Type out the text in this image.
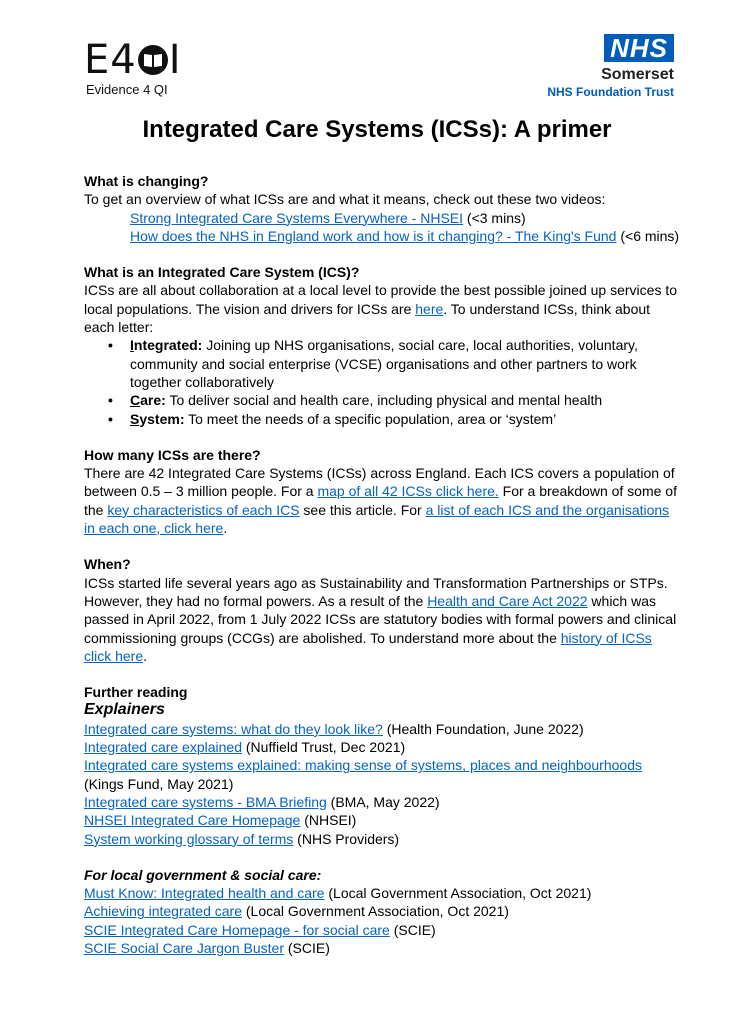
E4 I
Evidence 4 QI
NHS
Somerset
NHS Foundation Trust
Integrated Care Systems (ICSs): A primer
What is changing?

To get an overview of what ICSs are and what it means, check out these two videos:

Strong Integrated Care Systems Everywhere - NHSEI (<3 mins)
How does the NHS in England work and how is it changing? - The King's Fund (<6 mins)
What is an Integrated Care System (ICS)?

ICSs are all about collaboration at a local level to provide the best possible joined up services to local populations. The vision and drivers for ICSs are here. To understand ICSs, think about each letter:

• Integrated: Joining up NHS organisations, social care, local authorities, voluntary, community and social enterprise (VCSE) organisations and other partners to work together collaboratively
• Care: To deliver social and health care, including physical and mental health
• System: To meet the needs of a specific population, area or ‘system’
How many ICSs are there?

There are 42 Integrated Care Systems (ICSs) across England. Each ICS covers a population of between 0.5 – 3 million people. For a map of all 42 ICSs click here. For a breakdown of some of the key characteristics of each ICS see this article. For a list of each ICS and the organisations in each one, click here.

When?

ICSs started life several years ago as Sustainability and Transformation Partnerships or STPs. However, they had no formal powers. As a result of the Health and Care Act 2022 which was passed in April 2022, from 1 July 2022 ICSs are statutory bodies with formal powers and clinical commissioning groups (CCGs) are abolished. To understand more about the history of ICSs click here.

Further reading
Explainers
Integrated care systems: what do they look like? (Health Foundation, June 2022)
Integrated care explained (Nuffield Trust, Dec 2021)
Integrated care systems explained: making sense of systems, places and neighbourhoods (Kings Fund, May 2021)
Integrated care systems - BMA Briefing (BMA, May 2022)
NHSEI Integrated Care Homepage (NHSEI)
System working glossary of terms (NHS Providers)
For local government & social care:
Must Know: Integrated health and care (Local Government Association, Oct 2021)
Achieving integrated care (Local Government Association, Oct 2021)
SCIE Integrated Care Homepage - for social care (SCIE)
SCIE Social Care Jargon Buster (SCIE)
